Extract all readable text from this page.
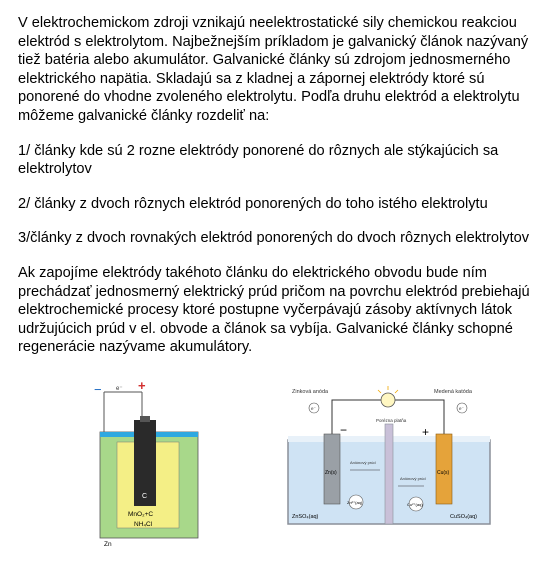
V elektrochemickom zdroji vznikajú neelektrostatické sily chemickou reakciou elektród s elektrolytom. Najbežnejším príkladom je galvanický článok nazývaný tiež batéria alebo akumulátor. Galvanické články sú zdrojom jednosmerného elektrického napätia. Skladajú sa z kladnej a zápornej elektródy ktoré sú ponorené do vhodne zvoleného elektrolytu. Podľa druhu elektród a elektrolytu môžeme galvanické články rozdeliť na:

1/ články kde sú 2 rozne elektródy ponorené do rôznych ale stýkajúcich sa elektrolytov

2/ články z dvoch rôznych elektród ponorených do toho istého elektrolytu

3/články z dvoch rovnakých elektród ponorených do dvoch rôznych elektrolytov

Ak zapojíme elektródy takéhoto článku do elektrického obvodu bude ním prechádzať jednosmerný elektrický prúd pričom na povrchu elektród prebiehajú elektrochemické procesy ktoré postupne vyčerpávajú zásoby aktívnych látok udržujúcich prúd v el. obvode a článok sa vybíja. Galvanické články schopné regenerácie nazývame akumulátory.

e⁻
−	+
C
MnO₂+C
NH₄Cl
Zn
e⁻	e⁻
Zinková anóda	Medená katóda
Porézna platňa
Zn(s)
−
Cu(s)
+
Aniónový prúd
Aniónový prúd
Zn²⁺(aq)	Cu²⁺(aq)
ZnSO₄(aq)	CuSO₄(aq)
